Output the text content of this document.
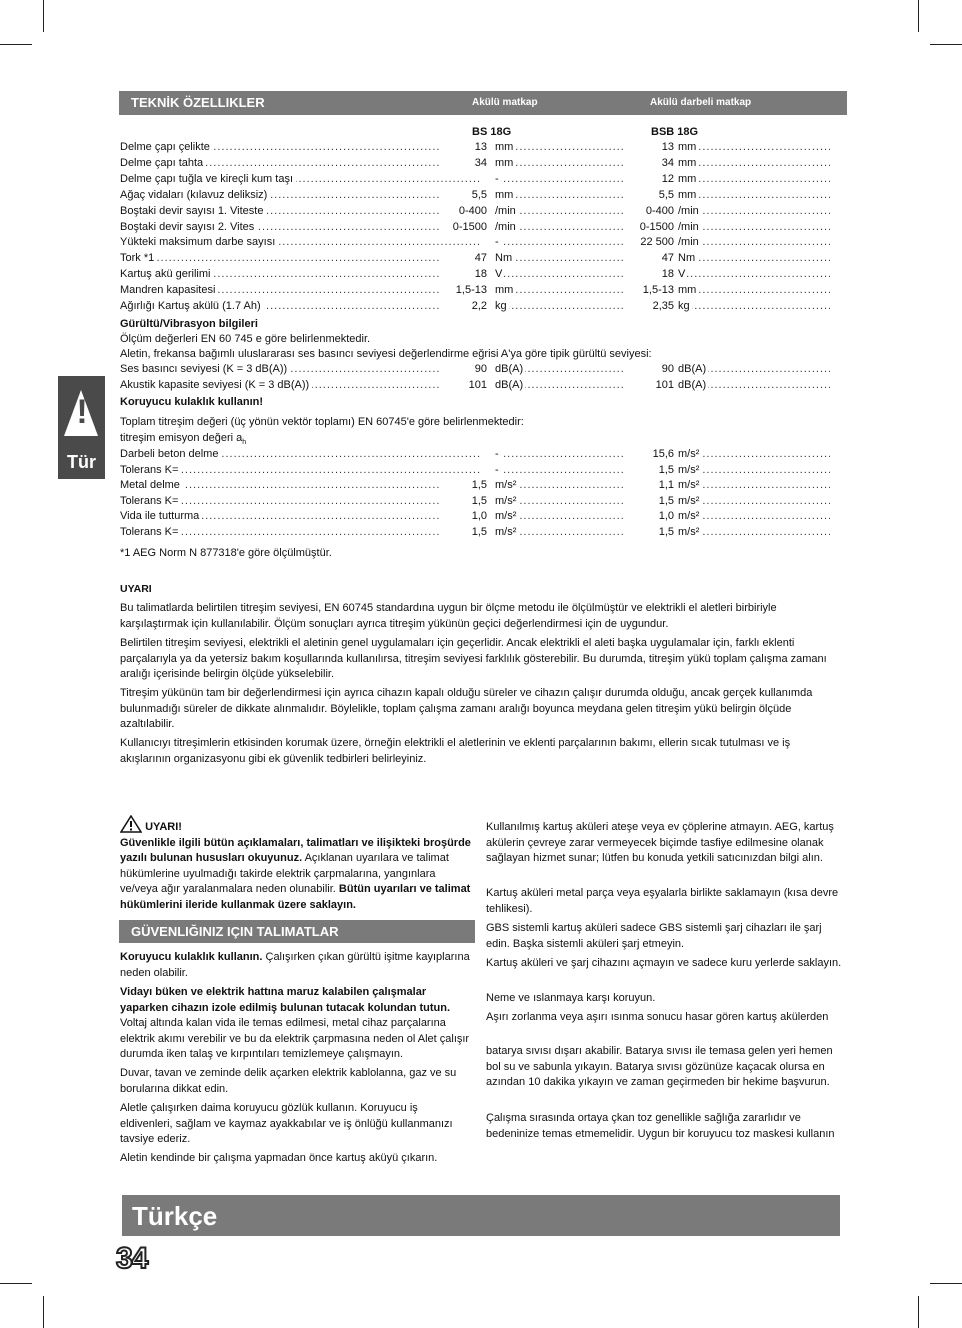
TEKNİK ÖZELLIKLER	Akülü matkap	Akülü darbeli matkap
BS 18G	BSB 18G
.....
Delme çapı çelikte	13 ..... mm	13 ..... mm
.....
Delme çapı tahta	34 ..... mm	34 ..... mm
.....
Delme çapı tuğla ve kireçli kum taşı .....	-	12 ..... mm
.....
Ağaç vidaları (kılavuz deliksiz)	5,5 ..... mm	5,5 ..... mm
.....
Boştaki devir sayısı 1. Viteste	0-400 ..... /min	0-400 ..... /min
.....
Boştaki devir sayısı 2. Vites	0-1500 ..... /min	0-1500 ..... /min
.....
Yükteki maksimum darbe sayısı .....	-	22 500 ..... /min
.....
Tork *1	47 ..... Nm	47 ..... Nm
.....
Kartuş akü gerilimi	18 ..... V	18 ..... V
.....
Mandren kapasitesi	1,5-13 ..... mm	1,5-13 ..... mm
.....
Ağırlığı Kartuş akülü (1.7 Ah)	2,2 ..... kg	2,35 ..... kg
Gürültü/Vibrasyon bilgileri
Ölçüm değerleri EN 60 745 e göre belirlenmektedir.
Aletin, frekansa bağımlı uluslararası ses basıncı seviyesi değerlendirme eğrisi A'ya göre tipik gürültü seviyesi:
.....
Ses basıncı seviyesi (K = 3 dB(A))	90 ..... dB(A)	90 ..... dB(A)
.....
Akustik kapasite seviyesi (K = 3 dB(A))	101 ..... dB(A)	101 ..... dB(A)
Koruyucu kulaklık kullanın!
Toplam titreşim değeri (üç yönün vektör toplamı) EN 60745'e göre belirlenmektedir:
titreşim emisyon değeri $a_h$
.....
Darbeli beton delme .....	-	15,6 ..... m/s²
.....
Tolerans K= .....	-	1,5 ..... m/s²
.....
Metal delme	1,5 ..... m/s²	1,1 ..... m/s²
.....
Tolerans K=	1,5 ..... m/s²	1,5 ..... m/s²
.....
Vida ile tutturma	1,0 ..... m/s²	1,0 ..... m/s²
.....
Tolerans K=	1,5 ..... m/s²	1,5 ..... m/s²
*1 AEG Norm N 877318'e göre ölçülmüştür.
!
Tür
UYARI
Bu talimatlarda belirtilen titreşim seviyesi, EN 60745 standardına uygun bir ölçme metodu ile ölçülmüştür ve elektrikli el aletleri birbiriyle karşılaştırmak için kullanılabilir. Ölçüm sonuçları ayrıca titreşim yükünün geçici değerlendirmesi için de uygundur.
Belirtilen titreşim seviyesi, elektrikli el aletinin genel uygulamaları için geçerlidir. Ancak elektrikli el aleti başka uygulamalar için, farklı eklenti parçalarıyla ya da yetersiz bakım koşullarında kullanılırsa, titreşim seviyesi farklılık gösterebilir. Bu durumda, titreşim yükü toplam çalışma zamanı aralığı içerisinde belirgin ölçüde yükselebilir.
Titreşim yükünün tam bir değerlendirmesi için ayrıca cihazın kapalı olduğu süreler ve cihazın çalışır durumda olduğu, ancak gerçek kullanımda bulunmadığı süreler de dikkate alınmalıdır. Böylelikle, toplam çalışma zamanı aralığı boyunca meydana gelen titreşim yükü belirgin ölçüde azaltılabilir.
Kullanıcıyı titreşimlerin etkisinden korumak üzere, örneğin elektrikli el aletlerinin ve eklenti parçalarının bakımı, ellerin sıcak tutulması ve iş akışlarının organizasyonu gibi ek güvenlik tedbirleri belirleyiniz.
UYARI!
Güvenlikle ilgili bütün açıklamaları, talimatları ve ilişikteki broşürde yazılı bulunan hususları okuyunuz. Açıklanan uyarılara ve talimat hükümlerine uyulmadığı takirde elektrik çarpmalarına, yangınlara ve/veya ağır yaralanmalara neden olunabilir. Bütün uyarıları ve talimat hükümlerini ileride kullanmak üzere saklayın.
GÜVENLIĞINIZ IÇIN TALIMATLAR
Koruyucu kulaklık kullanın. Çalışırken çıkan gürültü işitme kayıplarına neden olabilir.
Vidayı büken ve elektrik hattına maruz kalabilen çalışmalar yaparken cihazın izole edilmiş bulunan tutacak kolundan tutun. Voltaj altında kalan vida ile temas edilmesi, metal cihaz parçalarına elektrik akımı verebilir ve bu da elektrik çarpmasına neden ol Alet çalışır durumda iken talaş ve kırpıntıları temizlemeye çalışmayın.
Duvar, tavan ve zeminde delik açarken elektrik kablolanna, gaz ve su borularına dikkat edin.
Aletle çalışırken daima koruyucu gözlük kullanın. Koruyucu iş eldivenleri, sağlam ve kaymaz ayakkabılar ve iş önlüğü kullanmanızı tavsiye ederiz.
Aletin kendinde bir çalışma yapmadan önce kartuş aküyü çıkarın.
Kullanılmış kartuş aküleri ateşe veya ev çöplerine atmayın. AEG, kartuş akülerin çevreye zarar vermeyecek biçimde tasfiye edilmesine olanak sağlayan hizmet sunar; lütfen bu konuda yetkili satıcınızdan bilgi alın.
Kartuş aküleri metal parça veya eşyalarla birlikte saklamayın (kısa devre tehlikesi).
GBS sistemli kartuş aküleri sadece GBS sistemli şarj cihazları ile şarj edin. Başka sistemli aküleri şarj etmeyin.
Kartuş aküleri ve şarj cihazını açmayın ve sadece kuru yerlerde saklayın.
Neme ve ıslanmaya karşı koruyun.
Aşırı zorlanma veya aşırı ısınma sonucu hasar gören kartuş akülerden
batarya sıvısı dışarı akabilir. Batarya sıvısı ile temasa gelen yeri hemen bol su ve sabunla yıkayın. Batarya sıvısı gözünüze kaçacak olursa en azından 10 dakika yıkayın ve zaman geçirmeden bir hekime başvurun.
Çalışma sırasında ortaya çkan toz genellikle sağlığa zararlıdır ve bedeninize temas etmemelidir. Uygun bir koruyucu toz maskesi kullanın
Türkçe
34
